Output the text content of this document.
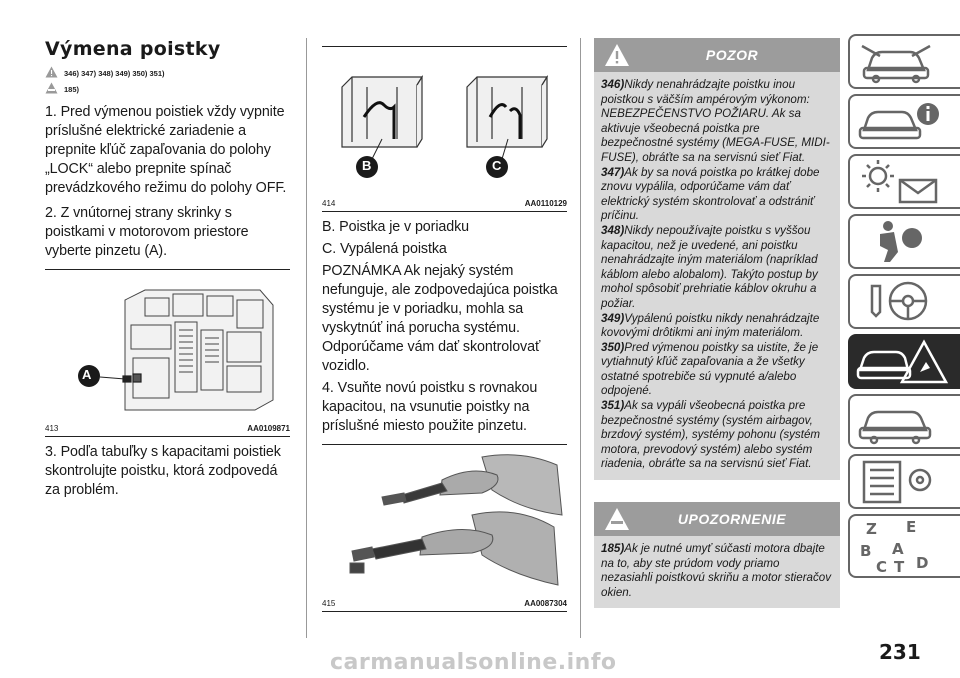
Výmena poistky
346) 347) 348) 349) 350) 351)
185)

1. Pred výmenou poistiek vždy vypnite príslušné elektrické zariadenie a prepnite kľúč zapaľovania do polohy „LOCK“ alebo prepnite spínač prevádzkového režimu do polohy OFF.

2. Z vnútornej strany skrinky s poistkami v motorovom priestore vyberte pinzetu (A).

A
413	AA0109871

3. Podľa tabuľky s kapacitami poistiek skontrolujte poistku, ktorá zodpovedá za problém.

B	C
414	AA0110129

B. Poistka je v poriadku

C. Vypálená poistka

POZNÁMKA Ak nejaký systém nefunguje, ale zodpovedajúca poistka systému je v poriadku, mohla sa vyskytnúť iná porucha systému. Odporúčame vám dať skontrolovať vozidlo.

4. Vsuňte novú poistku s rovnakou kapacitou, na vsunutie poistky na príslušné miesto použite pinzetu.

415	AA0087304
POZOR

346)Nikdy nenahrádzajte poistku inou poistkou s väčším ampérovým výkonom: NEBEZPEČENSTVO POŽIARU. Ak sa aktivuje všeobecná poistka pre bezpečnostné systémy (MEGA-FUSE, MIDI-FUSE), obráťte sa na servisnú sieť Fiat.

347)Ak by sa nová poistka po krátkej dobe znovu vypálila, odporúčame vám dať elektrický systém skontrolovať a odstrániť príčinu.

348)Nikdy nepoužívajte poistku s vyššou kapacitou, než je uvedené, ani poistku nenahrádzajte iným materiálom (napríklad káblom alebo alobalom). Takýto postup by mohol spôsobiť prehriatie káblov okruhu a požiar.

349)Vypálenú poistku nikdy nenahrádzajte kovovými drôtikmi ani iným materiálom.

350)Pred výmenou poistky sa uistite, že je vytiahnutý kľúč zapaľovania a že všetky ostatné spotrebiče sú vypnuté a/alebo odpojené.

351)Ak sa vypáli všeobecná poistka pre bezpečnostné systémy (systém airbagov, brzdový systém), systémy pohonu (systém motora, prevodový systém) alebo systém riadenia, obráťte sa na servisnú sieť Fiat.

UPOZORNENIE

185)Ak je nutné umyť súčasti motora dbajte na to, aby ste prúdom vody priamo nezasiahli poistkovú skriňu a motor stieračov okien.

Z E
B A
C T D
231
carmanualsonline.info
